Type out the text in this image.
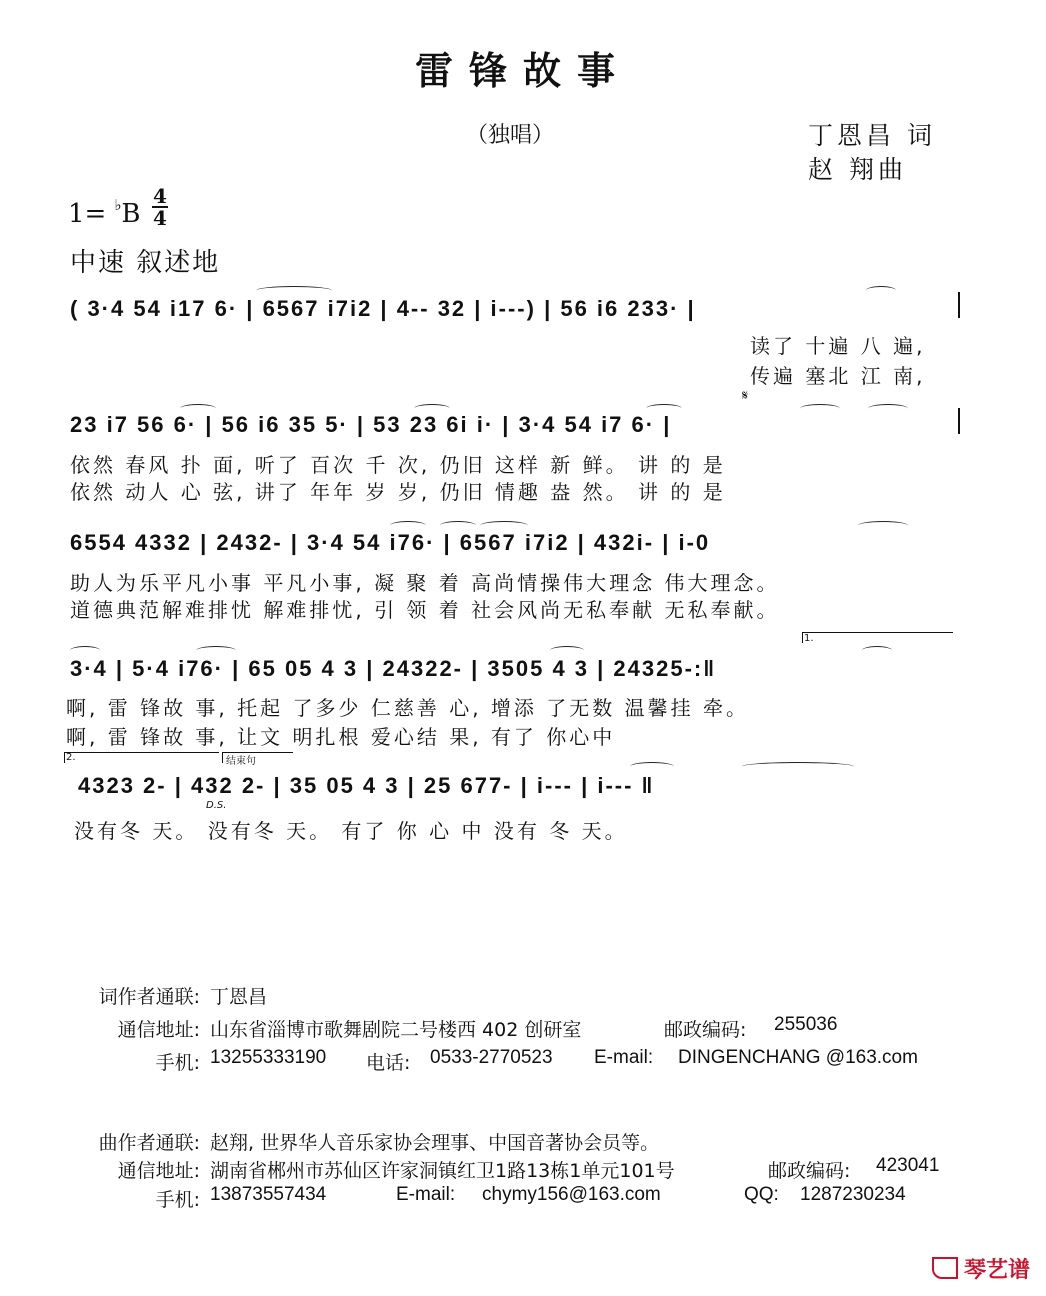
雷锋故事
（独唱）	丁恩昌 词
赵 翔曲
1= ♭B
4
4
中速 叙述地
( 3·4 54 i17 6· | 6567 i7i2 | 4-- 32 | i---) | 56 i6 233· |
读了 十遍 八 遍,
传遍 塞北 江 南,
23 i7 56 6· | 56 i6 35 5· | 53 23 6i i· | 3·4 54 i7 6· |
依然 春风 扑 面, 听了 百次 千 次, 仍旧 这样 新 鲜。 讲 的 是
依然 动人 心 弦, 讲了 年年 岁 岁, 仍旧 情趣 盎 然。 讲 的 是
𝄋
6554 4332 | 2432- | 3·4 54 i76· | 6567 i7i2 | 432i- | i-0
助人为乐平凡小事 平凡小事, 凝 聚 着 高尚情操伟大理念 伟大理念。
道德典范解难排忧 解难排忧, 引 领 着 社会风尚无私奉献 无私奉献。
3·4 | 5·4 i76· | 65 05 4 3 | 24322- | 3505 4 3 | 24325-:‖
啊, 雷 锋故 事, 托起 了多少 仁慈善 心, 增添 了无数 温馨挂 牵。
啊, 雷 锋故 事, 让文 明扎根 爱心结 果, 有了 你心中
1.
4323 2- | 432 2- | 35 05 4 3 | 25 677- | i--- | i--- ‖
没有冬 天。 没有冬 天。 有了 你 心 中 没有 冬 天。
2.	结束句
D.S.
词作者通联: 丁恩昌
通信地址: 山东省淄博市歌舞剧院二号楼西 402 创研室	邮政编码: 255036
手机: 13255333190 电话: 0533-2770523 E-mail: DINGENCHANG @163.com
曲作者通联: 赵翔, 世界华人音乐家协会理事、中国音著协会员等。
通信地址: 湖南省郴州市苏仙区许家洞镇红卫1路13栋1单元101号	邮政编码: 423041
手机: 13873557434	E-mail: chymy156@163.com	QQ: 1287230234
琴艺谱
